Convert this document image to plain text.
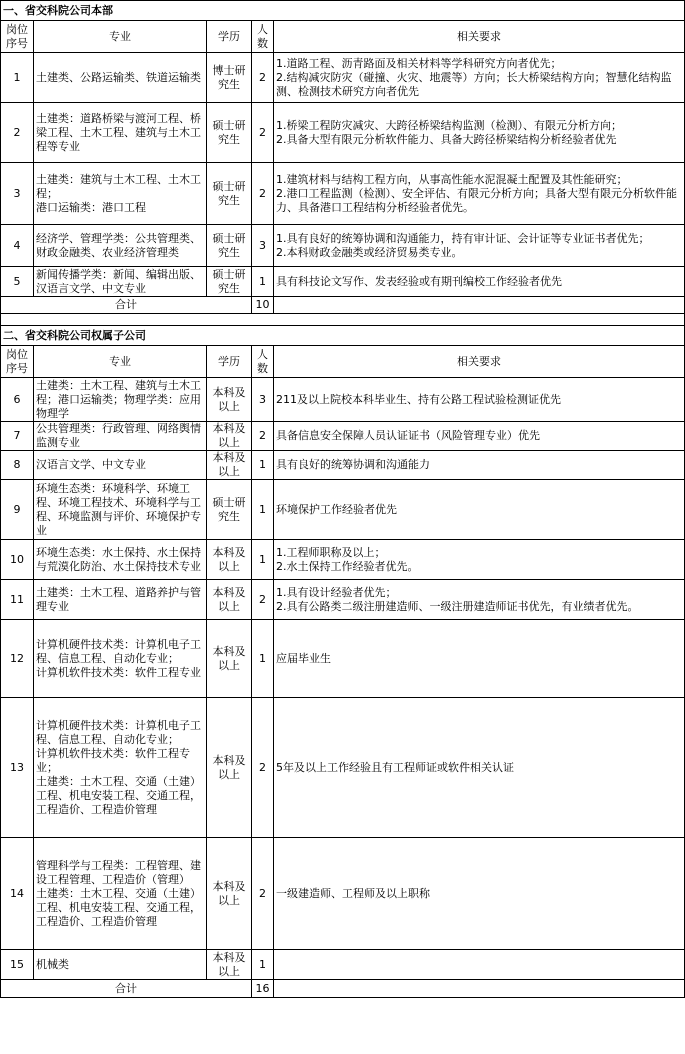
一、省交科院公司本部				
岗位序号	专业	学历	人数	相关要求
1	土建类、公路运输类、铁道运输类	博士研究生	2	1.道路工程、沥青路面及相关材料等学科研究方向者优先；
2.结构减灾防灾（碰撞、火灾、地震等）方向；长大桥梁结构方向；智慧化结构监测、检测技术研究方向者优先
2	土建类：道路桥梁与渡河工程、桥梁工程、土木工程、建筑与土木工程等专业	硕士研究生	2	1.桥梁工程防灾减灾、大跨径桥梁结构监测（检测）、有限元分析方向；
2.具备大型有限元分析软件能力、具备大跨径桥梁结构分析经验者优先
3	土建类：建筑与土木工程、土木工程；
港口运输类：港口工程	硕士研究生	2	1.建筑材料与结构工程方向，从事高性能水泥混凝土配置及其性能研究；
2.港口工程监测（检测）、安全评估、有限元分析方向；具备大型有限元分析软件能力、具备港口工程结构分析经验者优先。
4	经济学、管理学类：公共管理类、财政金融类、农业经济管理类	硕士研究生	3	1.具有良好的统筹协调和沟通能力，持有审计证、会计证等专业证书者优先；
2.本科财政金融类或经济贸易类专业。
5	新闻传播学类：新闻、编辑出版、汉语言文学、中文专业	硕士研究生	1	具有科技论文写作、发表经验或有期刊编校工作经验者优先
合计			10	

二、省交科院公司权属子公司				
岗位序号	专业	学历	人数	相关要求
6	土建类：土木工程、建筑与土木工程；港口运输类；物理学类：应用物理学	本科及以上	3	211及以上院校本科毕业生、持有公路工程试验检测证优先
7	公共管理类：行政管理、网络舆情监测专业	本科及以上	2	具备信息安全保障人员认证证书（风险管理专业）优先
8	汉语言文学、中文专业	本科及以上	1	具有良好的统筹协调和沟通能力
9	环境生态类：环境科学、环境工程、环境工程技术、环境科学与工程、环境监测与评价、环境保护专业	硕士研究生	1	环境保护工作经验者优先
10	环境生态类：水土保持、水土保持与荒漠化防治、水土保持技术专业	本科及以上	1	1.工程师职称及以上；
2.水土保持工作经验者优先。
11	土建类：土木工程、道路养护与管理专业	本科及以上	2	1.具有设计经验者优先；
2.具有公路类二级注册建造师、一级注册建造师证书优先，有业绩者优先。
12	计算机硬件技术类：计算机电子工程、信息工程、自动化专业；
计算机软件技术类：软件工程专业	本科及以上	1	应届毕业生
13	计算机硬件技术类：计算机电子工程、信息工程、自动化专业；
计算机软件技术类：软件工程专业；
土建类：土木工程、交通（土建）工程、机电安装工程、交通工程，工程造价、工程造价管理	本科及以上	2	5年及以上工作经验且有工程师证或软件相关认证
14	管理科学与工程类：工程管理、建设工程管理、工程造价（管理）
土建类：土木工程、交通（土建）工程、机电安装工程、交通工程，工程造价、工程造价管理	本科及以上	2	一级建造师、工程师及以上职称
15	机械类	本科及以上	1	
合计			16	
